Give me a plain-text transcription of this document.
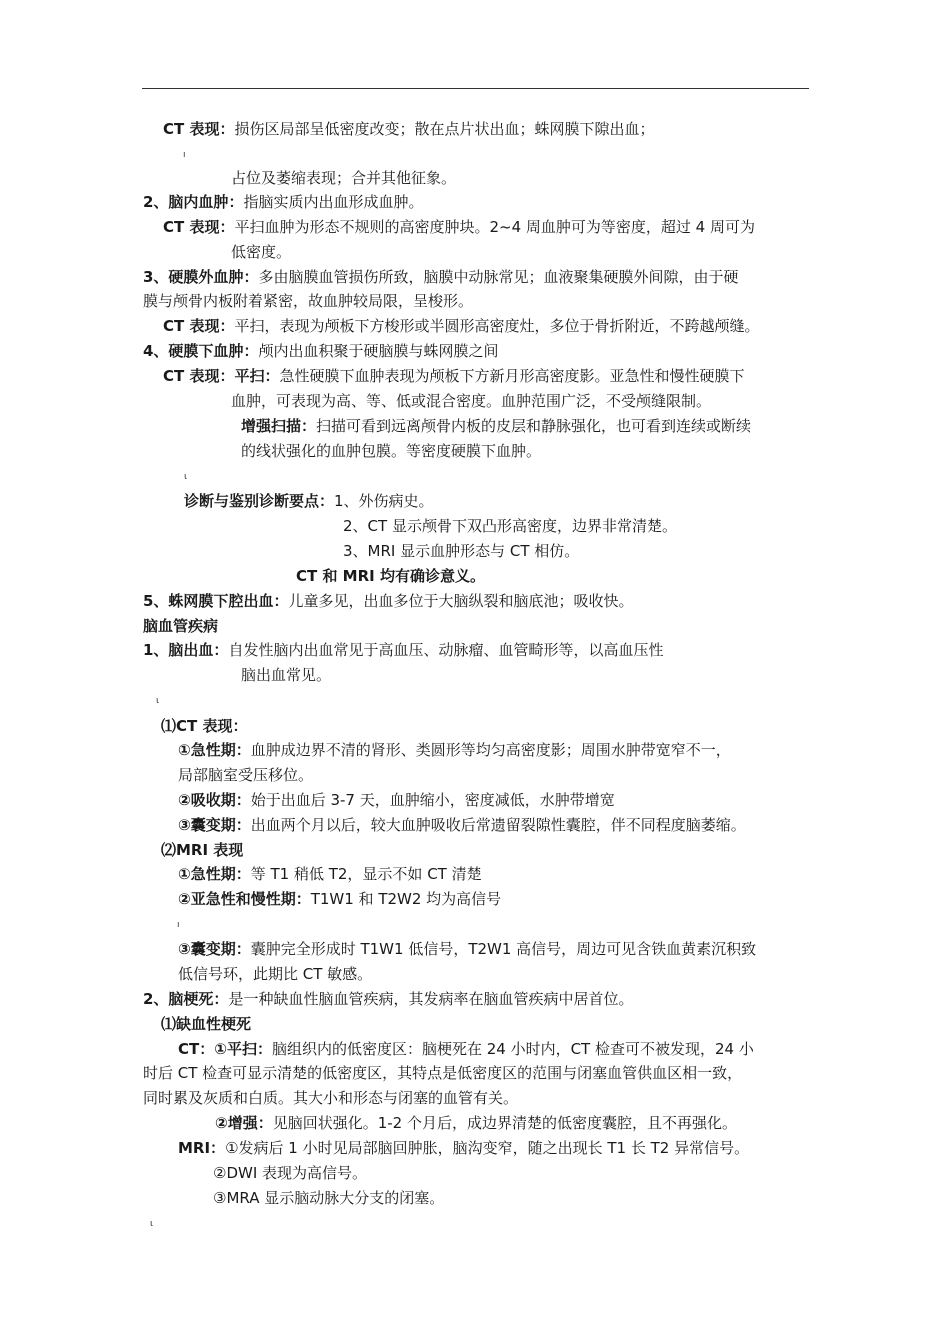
CT 表现：损伤区局部呈低密度改变；散在点片状出血；蛛网膜下隙出血；
ı
占位及萎缩表现；合并其他征象。
2、脑内血肿：指脑实质内出血形成血肿。
CT 表现：平扫血肿为形态不规则的高密度肿块。2~4 周血肿可为等密度，超过 4 周可为
低密度。
3、硬膜外血肿：多由脑膜血管损伤所致，脑膜中动脉常见；血液聚集硬膜外间隙，由于硬
膜与颅骨内板附着紧密，故血肿较局限，呈梭形。
CT 表现：平扫，表现为颅板下方梭形或半圆形高密度灶，多位于骨折附近，不跨越颅缝。
4、硬膜下血肿：颅内出血积聚于硬脑膜与蛛网膜之间
CT 表现：平扫：急性硬膜下血肿表现为颅板下方新月形高密度影。亚急性和慢性硬膜下
血肿，可表现为高、等、低或混合密度。血肿范围广泛，不受颅缝限制。
增强扫描：扫描可看到远离颅骨内板的皮层和静脉强化，也可看到连续或断续
的线状强化的血肿包膜。等密度硬膜下血肿。
ɩ
诊断与鉴别诊断要点：1、外伤病史。
2、CT 显示颅骨下双凸形高密度，边界非常清楚。
3、MRI 显示血肿形态与 CT 相仿。
CT 和 MRI 均有确诊意义。
5、蛛网膜下腔出血：儿童多见，出血多位于大脑纵裂和脑底池；吸收快。
脑血管疾病
1、脑出血：自发性脑内出血常见于高血压、动脉瘤、血管畸形等，以高血压性
脑出血常见。
ɩ
⑴CT 表现：
①急性期：血肿成边界不清的肾形、类圆形等均匀高密度影；周围水肿带宽窄不一，
局部脑室受压移位。
②吸收期：始于出血后 3-7 天，血肿缩小，密度减低，水肿带增宽
③囊变期：出血两个月以后，较大血肿吸收后常遗留裂隙性囊腔，伴不同程度脑萎缩。
⑵MRI 表现
①急性期：等 T1 稍低 T2，显示不如 CT 清楚
②亚急性和慢性期：T1W1 和 T2W2 均为高信号
ı
③囊变期：囊肿完全形成时 T1W1 低信号，T2W1 高信号，周边可见含铁血黄素沉积致
低信号环，此期比 CT 敏感。
2、脑梗死：是一种缺血性脑血管疾病，其发病率在脑血管疾病中居首位。
⑴缺血性梗死
CT：①平扫：脑组织内的低密度区：脑梗死在 24 小时内，CT 检查可不被发现，24 小
时后 CT 检查可显示清楚的低密度区，其特点是低密度区的范围与闭塞血管供血区相一致，
同时累及灰质和白质。其大小和形态与闭塞的血管有关。
②增强：见脑回状强化。1-2 个月后，成边界清楚的低密度囊腔，且不再强化。
MRI：①发病后 1 小时见局部脑回肿胀，脑沟变窄，随之出现长 T1 长 T2 异常信号。
②DWI 表现为高信号。
③MRA 显示脑动脉大分支的闭塞。
ɩ
